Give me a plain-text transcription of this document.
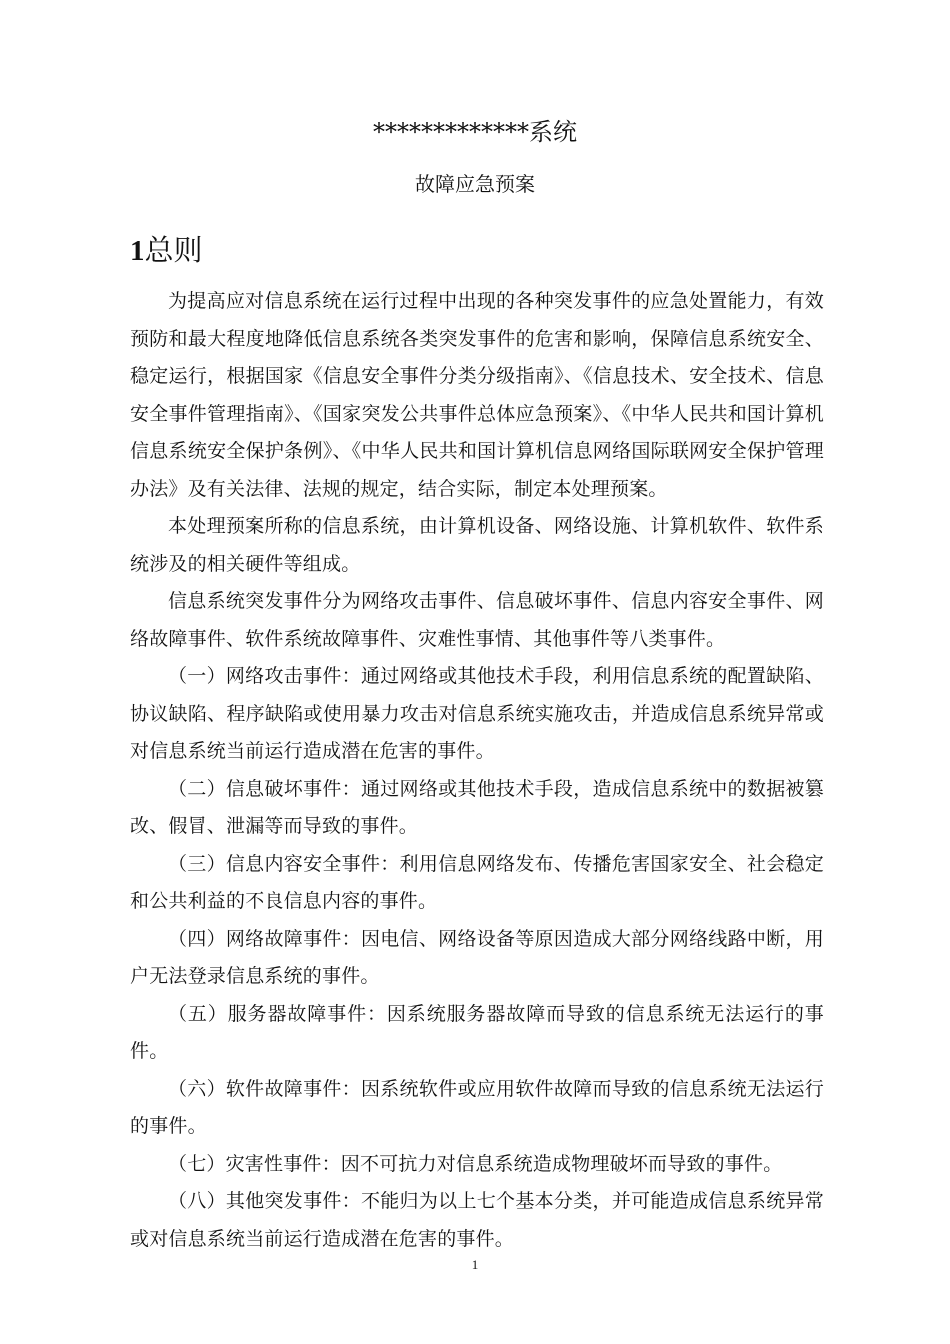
*************系统
故障应急预案
1总则

为提高应对信息系统在运行过程中出现的各种突发事件的应急处置能力，有效预防和最大程度地降低信息系统各类突发事件的危害和影响，保障信息系统安全、稳定运行，根据国家《信息安全事件分类分级指南》、《信息技术、安全技术、信息安全事件管理指南》、《国家突发公共事件总体应急预案》、《中华人民共和国计算机信息系统安全保护条例》、《中华人民共和国计算机信息网络国际联网安全保护管理办法》及有关法律、法规的规定，结合实际，制定本处理预案。

本处理预案所称的信息系统，由计算机设备、网络设施、计算机软件、软件系统涉及的相关硬件等组成。

信息系统突发事件分为网络攻击事件、信息破坏事件、信息内容安全事件、网络故障事件、软件系统故障事件、灾难性事情、其他事件等八类事件。

（一）网络攻击事件：通过网络或其他技术手段，利用信息系统的配置缺陷、协议缺陷、程序缺陷或使用暴力攻击对信息系统实施攻击，并造成信息系统异常或对信息系统当前运行造成潜在危害的事件。

（二）信息破坏事件：通过网络或其他技术手段，造成信息系统中的数据被篡改、假冒、泄漏等而导致的事件。

（三）信息内容安全事件：利用信息网络发布、传播危害国家安全、社会稳定和公共利益的不良信息内容的事件。

（四）网络故障事件：因电信、网络设备等原因造成大部分网络线路中断，用户无法登录信息系统的事件。

（五）服务器故障事件：因系统服务器故障而导致的信息系统无法运行的事件。

（六）软件故障事件：因系统软件或应用软件故障而导致的信息系统无法运行的事件。

（七）灾害性事件：因不可抗力对信息系统造成物理破坏而导致的事件。

（八）其他突发事件：不能归为以上七个基本分类，并可能造成信息系统异常或对信息系统当前运行造成潜在危害的事件。

1
